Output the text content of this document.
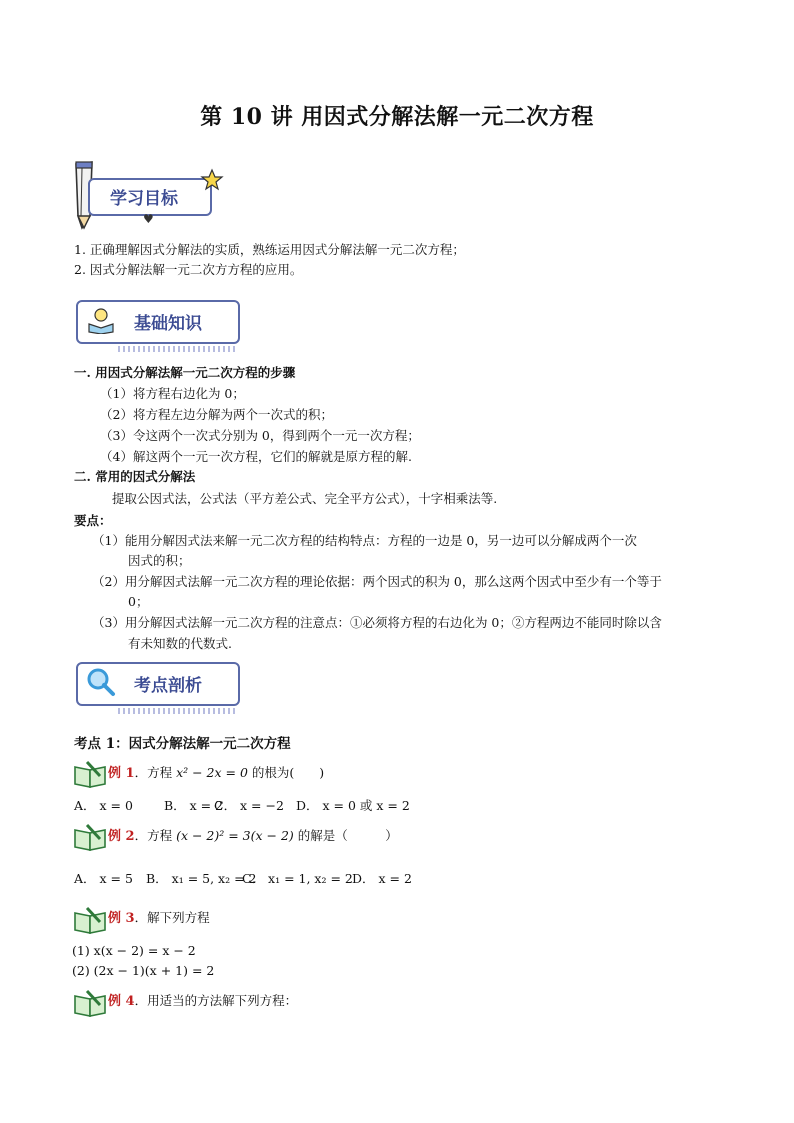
第 10 讲 用因式分解法解一元二次方程
学习目标
♥
1. 正确理解因式分解法的实质，熟练运用因式分解法解一元二次方程；
2. 因式分解法解一元二次方方程的应用。
基础知识
一. 用因式分解法解一元二次方程的步骤
（1）将方程右边化为 0；
（2）将方程左边分解为两个一次式的积；
（3）令这两个一次式分别为 0，得到两个一元一次方程；
（4）解这两个一元一次方程，它们的解就是原方程的解.
二. 常用的因式分解法
提取公因式法，公式法（平方差公式、完全平方公式），十字相乘法等.
要点：
（1）能用分解因式法来解一元二次方程的结构特点：方程的一边是 0，另一边可以分解成两个一次
因式的积；
（2）用分解因式法解一元二次方程的理论依据：两个因式的积为 0，那么这两个因式中至少有一个等于
0；
（3）用分解因式法解一元二次方程的注意点：①必须将方程的右边化为 0；②方程两边不能同时除以含
有未知数的代数式.
考点剖析
考点 1：因式分解法解一元二次方程
例 1．方程 x² − 2x = 0 的根为(　　)
A． x = 0 B． x = 2
C． x = −2 D． x = 0 或 x = 2
例 2．方程 (x − 2)² = 3(x − 2) 的解是（　　　）
A． x = 5 B． x₁ = 5, x₂ = 2
C． x₁ = 1, x₂ = 2 D． x = 2
例 3．解下列方程
(1) x(x − 2) = x − 2
(2) (2x − 1)(x + 1) = 2
例 4．用适当的方法解下列方程：
